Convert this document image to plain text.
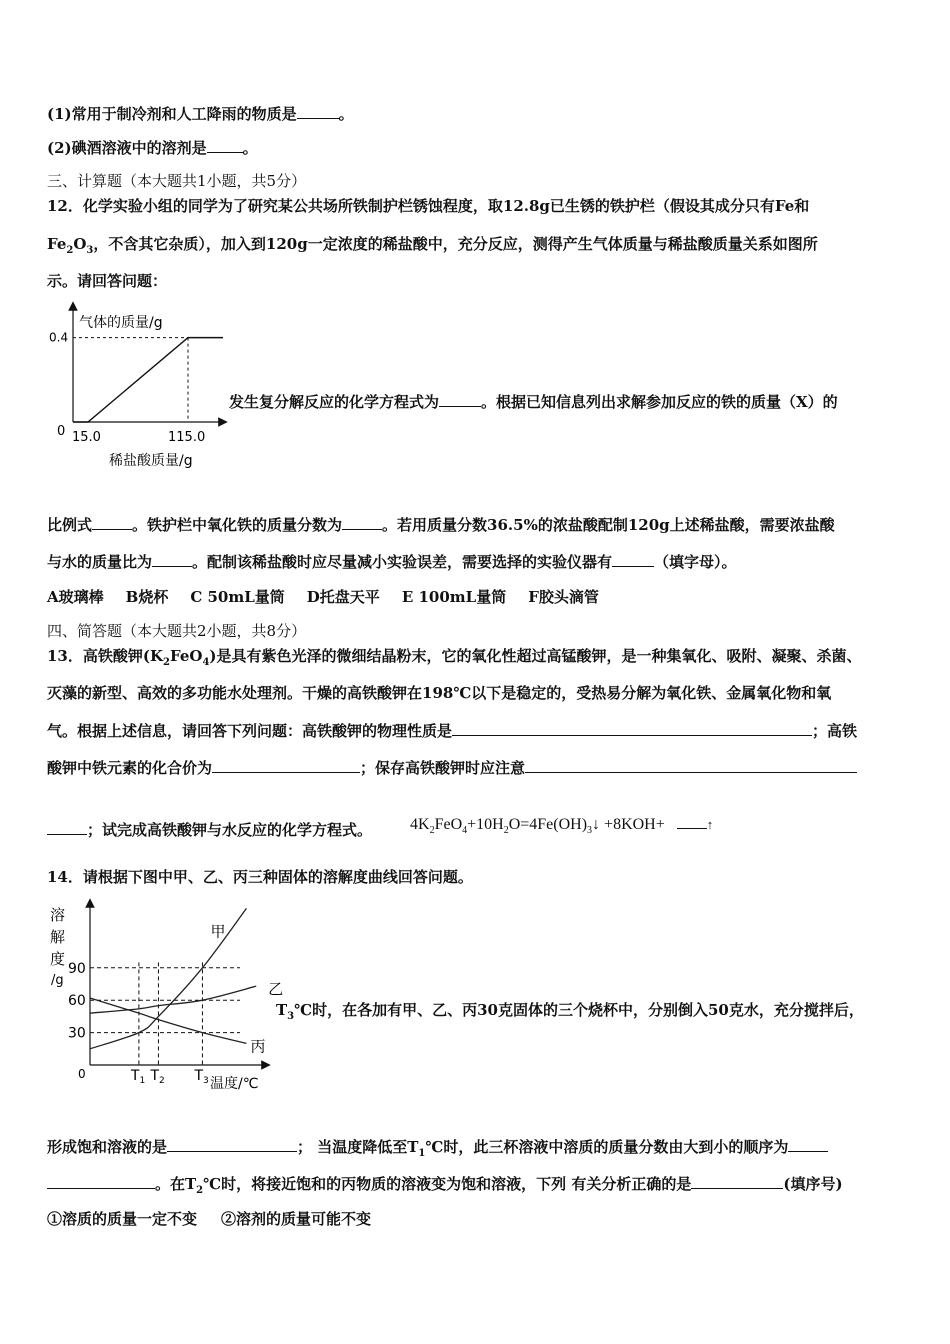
(1)常用于制冷剂和人工降雨的物质是	。
(2)碘酒溶液中的溶剂是 。
三、计算题（本大题共1小题，共5分）
12．化学实验小组的同学为了研究某公共场所铁制护栏锈蚀程度，取12.8g已生锈的铁护栏（假设其成分只有Fe和
$Fe_2O_3$，不含其它杂质），加入到120g一定浓度的稀盐酸中，充分反应，测得产生气体质量与稀盐酸质量关系如图所
示。请回答问题：
0.4
15.0	115.0
气体的质量/g
稀盐酸质量/g
0
发生复分解反应的化学方程式为	。根据已知信息列出求解参加反应的铁的质量（X）的
比例式	。铁护栏中氧化铁的质量分数为	。若用质量分数36.5%的浓盐酸配制120g上述稀盐酸，需要浓盐酸
与水的质量比为	。配制该稀盐酸时应尽量减小实验误差，需要选择的实验仪器有	（填字母）。
A玻璃棒 B烧杯 C 50mL量筒 D托盘天平 E 100mL量筒 F胶头滴管
四、简答题（本大题共2小题，共8分）
13．高铁酸钾$(K_2FeO_4)$是具有紫色光泽的微细结晶粉末，它的氧化性超过高锰酸钾，是一种集氧化、吸附、凝聚、杀菌、
灭藻的新型、高效的多功能水处理剂。干燥的高铁酸钾在198℃以下是稳定的，受热易分解为氧化铁、金属氧化物和氧
气。根据上述信息，请回答下列问题：高铁酸钾的物理性质是	；高铁
酸钾中铁元素的化合价为	；保存高铁酸钾时应注意
；试完成高铁酸钾与水反应的化学方程式。 $4K_2FeO_4+10H_2O=4Fe(OH)_3↓ +8KOH+$	↑
14．请根据下图中甲、乙、丙三种固体的溶解度曲线回答问题。
90
60
30
$T_1$ $T_2$ $T_3$
甲
乙
丙
溶
解
度
/g
温度/℃
0
$T_3℃$时，在各加有甲、乙、丙30克固体的三个烧杯中，分别倒入50克水，充分搅拌后，
形成饱和溶液的是	； 当温度降低至$T_1℃$时，此三杯溶液中溶质的质量分数由大到小的顺序为
。在$T_2℃$时，将接近饱和的丙物质的溶液变为饱和溶液，下列 有关分析正确的是	(填序号)
①溶质的质量一定不变 ②溶剂的质量可能不变
